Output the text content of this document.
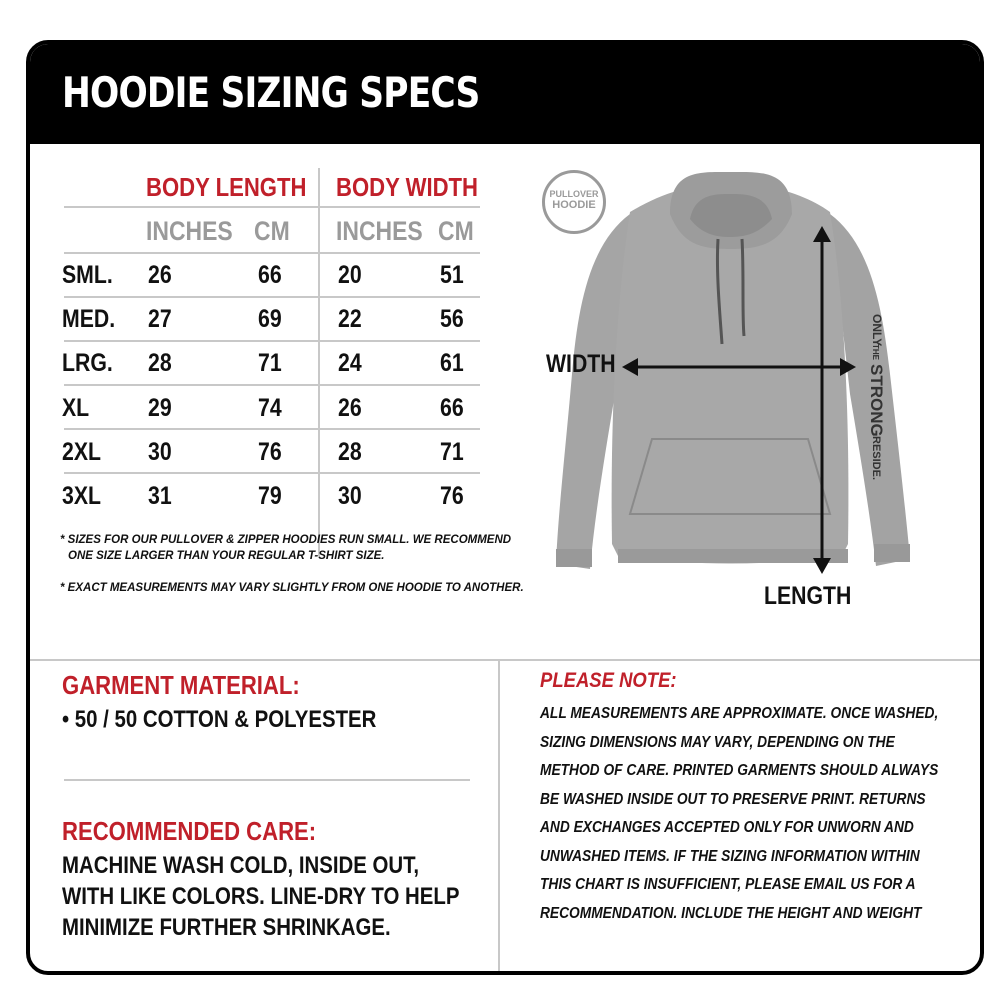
HOODIE SIZING SPECS
BODY LENGTH BODY WIDTH
INCHES CM INCHES CM
SML. 26	66 20	51
MED. 27	69 22	56
LRG. 28	71 24	61
XL 29	74 26	66
2XL 30	76 28	71
3XL 31	79 30	76
* SIZES FOR OUR PULLOVER & ZIPPER HOODIES RUN SMALL. WE RECOMMEND
ONE SIZE LARGER THAN YOUR REGULAR T-SHIRT SIZE.
* EXACT MEASUREMENTS MAY VARY SLIGHTLY FROM ONE HOODIE TO ANOTHER.
PULLOVER
HOODIE
ONLY
THE
STRONG
RESIDE.
WIDTH
LENGTH
GARMENT MATERIAL:
• 50 / 50 COTTON & POLYESTER
RECOMMENDED CARE:
MACHINE WASH COLD, INSIDE OUT,
WITH LIKE COLORS. LINE-DRY TO HELP
MINIMIZE FURTHER SHRINKAGE.
PLEASE NOTE:
ALL MEASUREMENTS ARE APPROXIMATE. ONCE WASHED,
SIZING DIMENSIONS MAY VARY, DEPENDING ON THE
METHOD OF CARE. PRINTED GARMENTS SHOULD ALWAYS
BE WASHED INSIDE OUT TO PRESERVE PRINT. RETURNS
AND EXCHANGES ACCEPTED ONLY FOR UNWORN AND
UNWASHED ITEMS. IF THE SIZING INFORMATION WITHIN
THIS CHART IS INSUFFICIENT, PLEASE EMAIL US FOR A
RECOMMENDATION. INCLUDE THE HEIGHT AND WEIGHT
